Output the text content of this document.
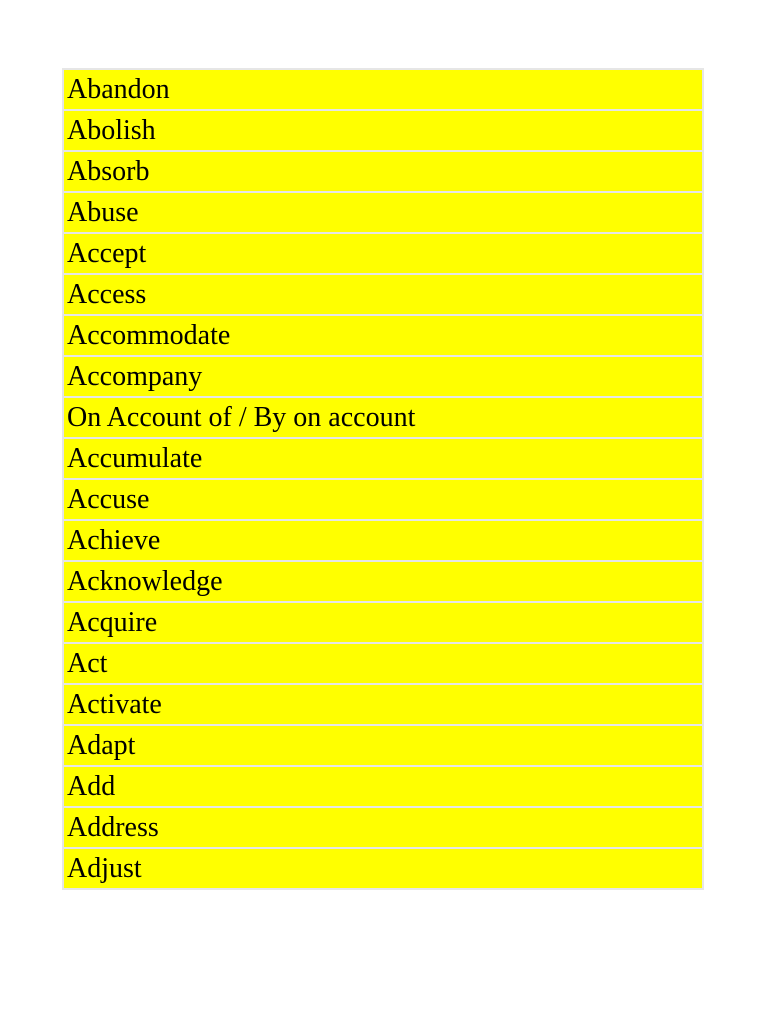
Abandon
Abolish
Absorb
Abuse
Accept
Access
Accommodate
Accompany
On Account of / By on account
Accumulate
Accuse
Achieve
Acknowledge
Acquire
Act
Activate
Adapt
Add
Address
Adjust
